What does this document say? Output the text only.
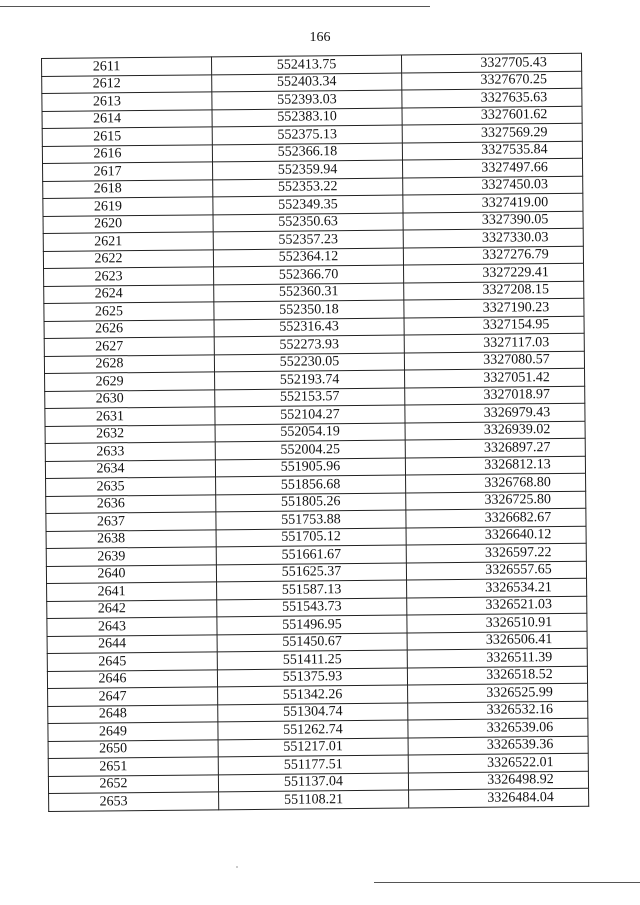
166
2611	552413.75	3327705.43
2612	552403.34	3327670.25
2613	552393.03	3327635.63
2614	552383.10	3327601.62
2615	552375.13	3327569.29
2616	552366.18	3327535.84
2617	552359.94	3327497.66
2618	552353.22	3327450.03
2619	552349.35	3327419.00
2620	552350.63	3327390.05
2621	552357.23	3327330.03
2622	552364.12	3327276.79
2623	552366.70	3327229.41
2624	552360.31	3327208.15
2625	552350.18	3327190.23
2626	552316.43	3327154.95
2627	552273.93	3327117.03
2628	552230.05	3327080.57
2629	552193.74	3327051.42
2630	552153.57	3327018.97
2631	552104.27	3326979.43
2632	552054.19	3326939.02
2633	552004.25	3326897.27
2634	551905.96	3326812.13
2635	551856.68	3326768.80
2636	551805.26	3326725.80
2637	551753.88	3326682.67
2638	551705.12	3326640.12
2639	551661.67	3326597.22
2640	551625.37	3326557.65
2641	551587.13	3326534.21
2642	551543.73	3326521.03
2643	551496.95	3326510.91
2644	551450.67	3326506.41
2645	551411.25	3326511.39
2646	551375.93	3326518.52
2647	551342.26	3326525.99
2648	551304.74	3326532.16
2649	551262.74	3326539.06
2650	551217.01	3326539.36
2651	551177.51	3326522.01
2652	551137.04	3326498.92
2653	551108.21	3326484.04
